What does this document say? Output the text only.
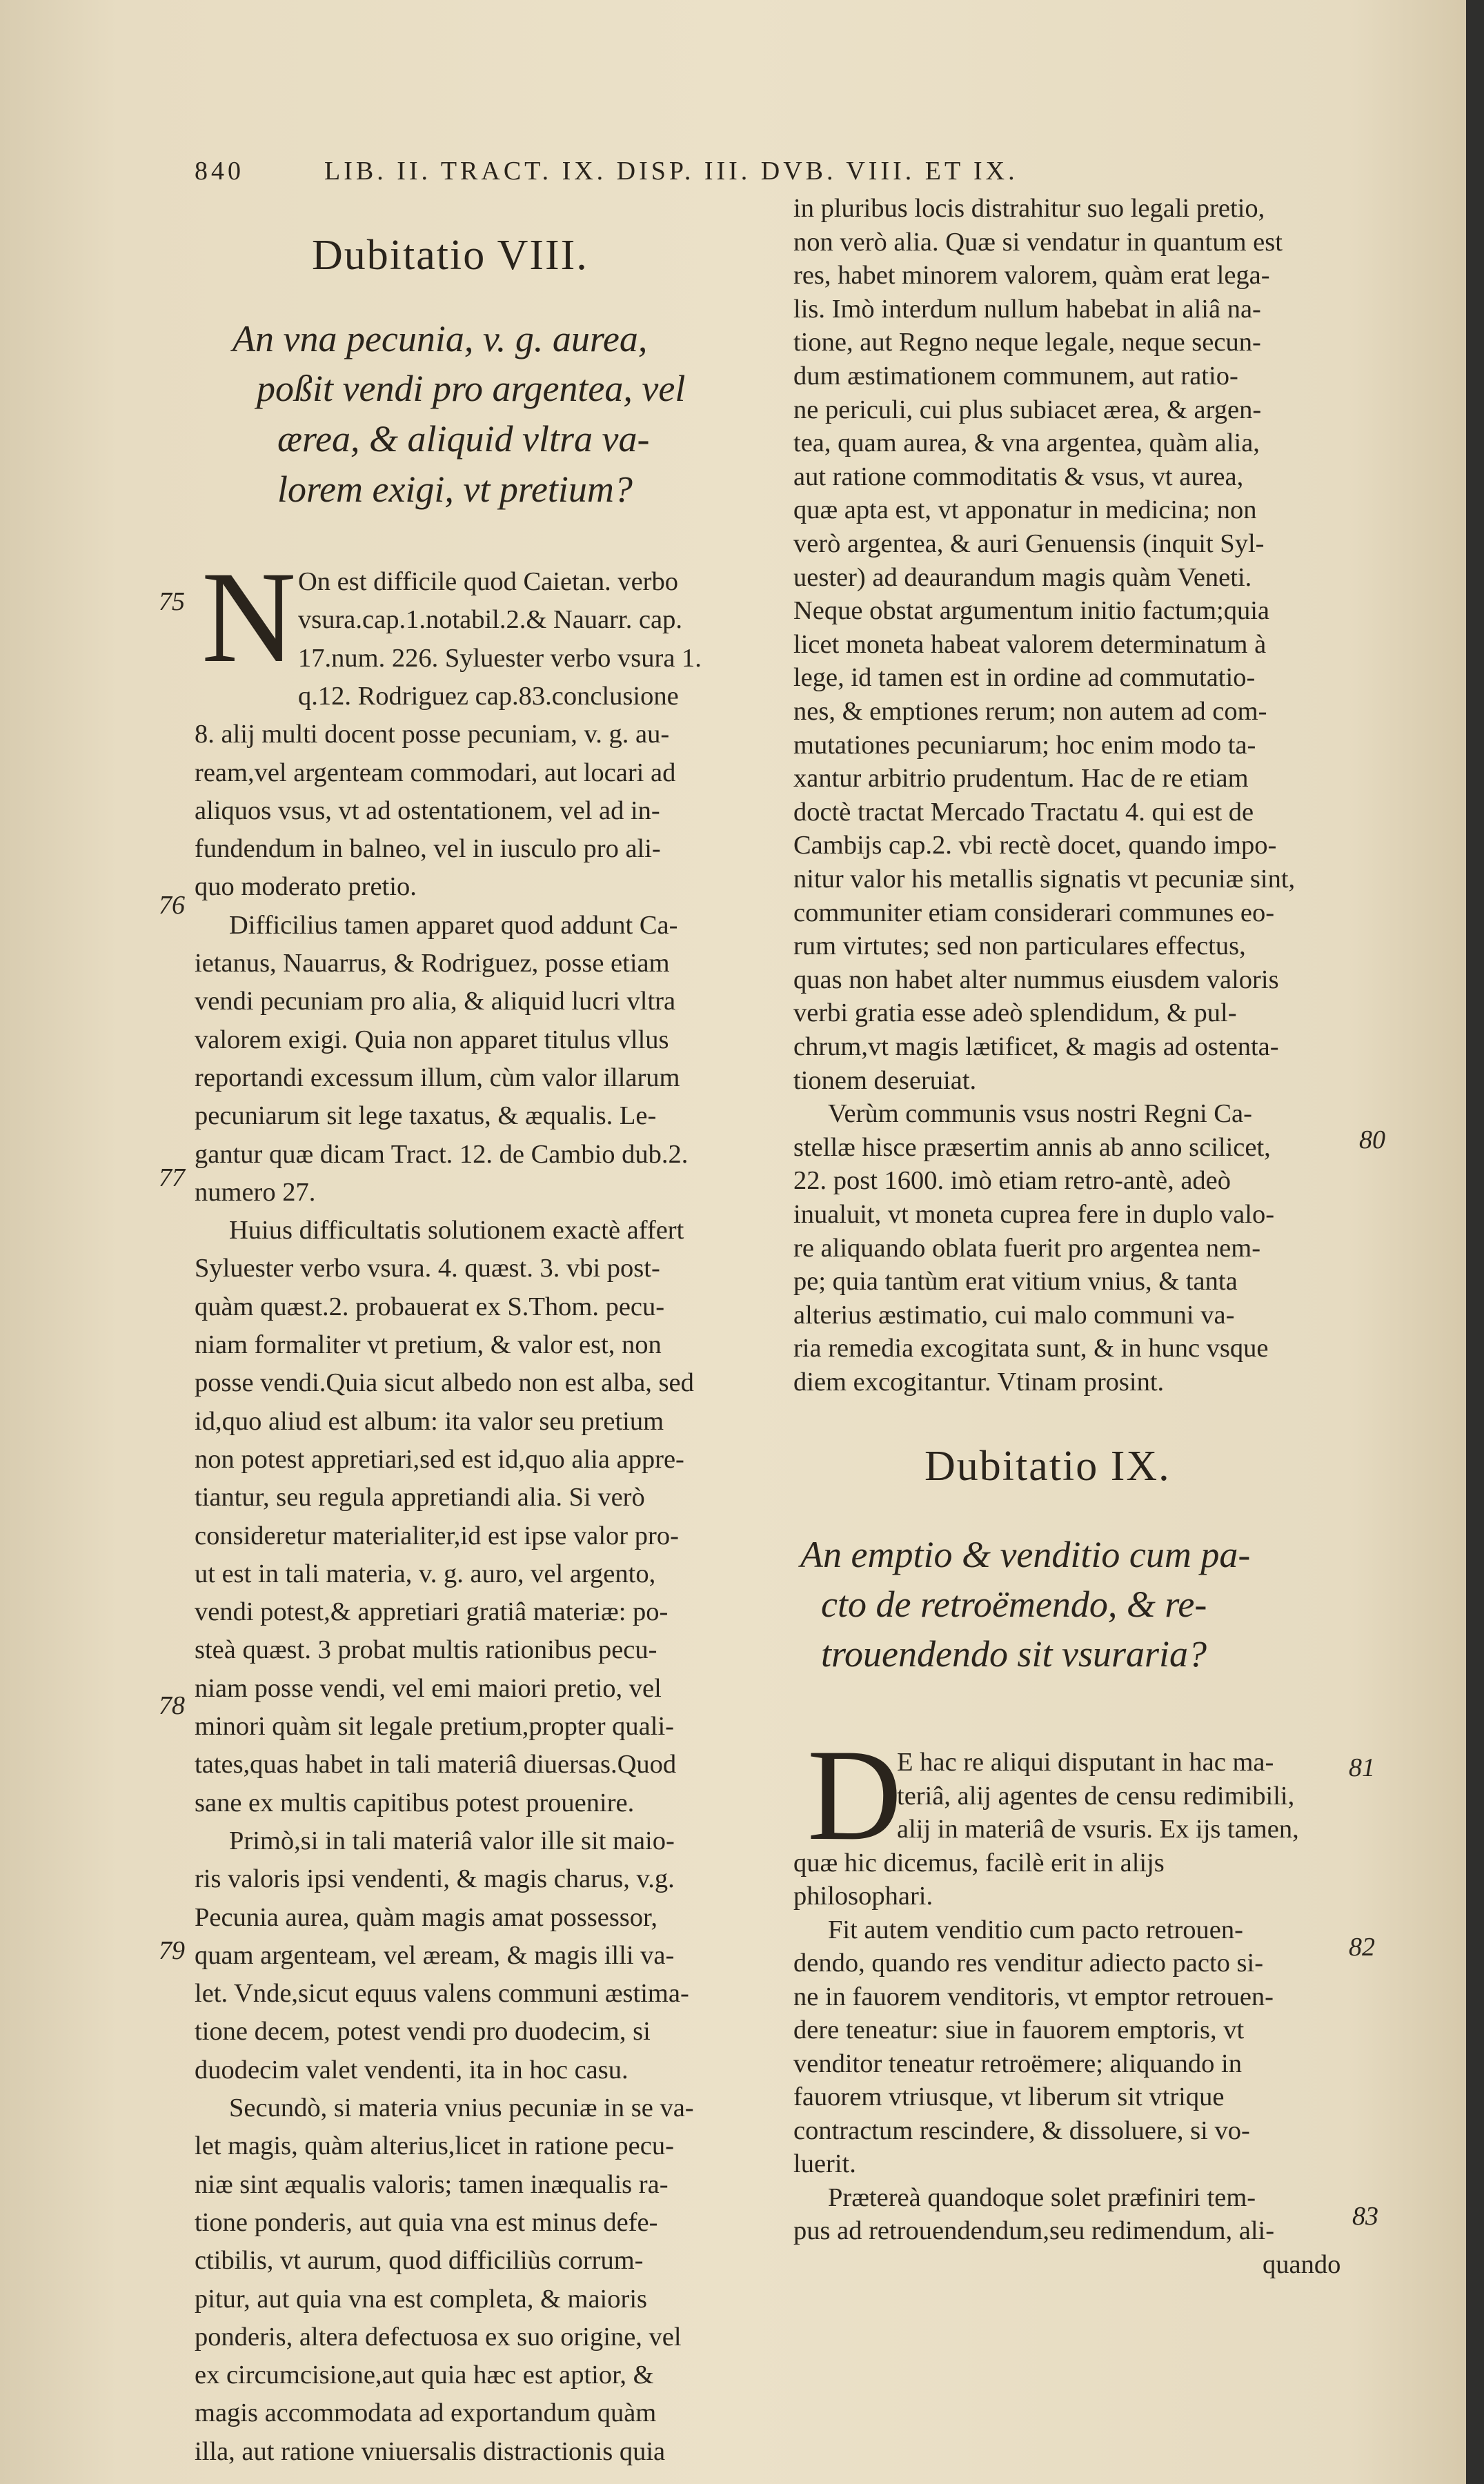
840	LIB. II. TRACT. IX. DISP. III. DVB. VIII. ET IX.
Dubitatio VIII.
An vna pecunia, v. g. aurea,
poßit vendi pro argentea, vel
ærea, & aliquid vltra va-
lorem exigi, vt pretium?
N On est difficile quod Caietan. verbo
vsura.cap.1.notabil.2.& Nauarr. cap.
17.num. 226. Syluester verbo vsura 1.
q.12. Rodriguez cap.83.conclusione
8. alij multi docent posse pecuniam, v. g. au-
ream,vel argenteam commodari, aut locari ad
aliquos vsus, vt ad ostentationem, vel ad in-
fundendum in balneo, vel in iusculo pro ali-
quo moderato pretio.
Difficilius tamen apparet quod addunt Ca-
ietanus, Nauarrus, & Rodriguez, posse etiam
vendi pecuniam pro alia, & aliquid lucri vltra
valorem exigi. Quia non apparet titulus vllus
reportandi excessum illum, cùm valor illarum
pecuniarum sit lege taxatus, & æqualis. Le-
gantur quæ dicam Tract. 12. de Cambio dub.2.
numero 27.
Huius difficultatis solutionem exactè affert
Syluester verbo vsura. 4. quæst. 3. vbi post-
quàm quæst.2. probauerat ex S.Thom. pecu-
niam formaliter vt pretium, & valor est, non
posse vendi.Quia sicut albedo non est alba, sed
id,quo aliud est album: ita valor seu pretium
non potest appretiari,sed est id,quo alia appre-
tiantur, seu regula appretiandi alia. Si verò
consideretur materialiter,id est ipse valor pro-
ut est in tali materia, v. g. auro, vel argento,
vendi potest,& appretiari gratiâ materiæ: po-
steà quæst. 3 probat multis rationibus pecu-
niam posse vendi, vel emi maiori pretio, vel
minori quàm sit legale pretium,propter quali-
tates,quas habet in tali materiâ diuersas.Quod
sane ex multis capitibus potest prouenire.
Primò,si in tali materiâ valor ille sit maio-
ris valoris ipsi vendenti, & magis charus, v.g.
Pecunia aurea, quàm magis amat possessor,
quam argenteam, vel æream, & magis illi va-
let. Vnde,sicut equus valens communi æstima-
tione decem, potest vendi pro duodecim, si
duodecim valet vendenti, ita in hoc casu.
Secundò, si materia vnius pecuniæ in se va-
let magis, quàm alterius,licet in ratione pecu-
niæ sint æqualis valoris; tamen inæqualis ra-
tione ponderis, aut quia vna est minus defe-
ctibilis, vt aurum, quod difficiliùs corrum-
pitur, aut quia vna est completa, & maioris
ponderis, altera defectuosa ex suo origine, vel
ex circumcisione,aut quia hæc est aptior, &
magis accommodata ad exportandum quàm
illa, aut ratione vniuersalis distractionis quia
75
76
77
78
79
in pluribus locis distrahitur suo legali pretio,
non verò alia. Quæ si vendatur in quantum est
res, habet minorem valorem, quàm erat lega-
lis. Imò interdum nullum habebat in aliâ na-
tione, aut Regno neque legale, neque secun-
dum æstimationem communem, aut ratio-
ne periculi, cui plus subiacet ærea, & argen-
tea, quam aurea, & vna argentea, quàm alia,
aut ratione commoditatis & vsus, vt aurea,
quæ apta est, vt apponatur in medicina; non
verò argentea, & auri Genuensis (inquit Syl-
uester) ad deaurandum magis quàm Veneti.
Neque obstat argumentum initio factum;quia
licet moneta habeat valorem determinatum à
lege, id tamen est in ordine ad commutatio-
nes, & emptiones rerum; non autem ad com-
mutationes pecuniarum; hoc enim modo ta-
xantur arbitrio prudentum. Hac de re etiam
doctè tractat Mercado Tractatu 4. qui est de
Cambijs cap.2. vbi rectè docet, quando impo-
nitur valor his metallis signatis vt pecuniæ sint,
communiter etiam considerari communes eo-
rum virtutes; sed non particulares effectus,
quas non habet alter nummus eiusdem valoris
verbi gratia esse adeò splendidum, & pul-
chrum,vt magis lætificet, & magis ad ostenta-
tionem deseruiat.
Verùm communis vsus nostri Regni Ca-
stellæ hisce præsertim annis ab anno scilicet,
22. post 1600. imò etiam retro-antè, adeò
inualuit, vt moneta cuprea fere in duplo valo-
re aliquando oblata fuerit pro argentea nem-
pe; quia tantùm erat vitium vnius, & tanta
alterius æstimatio, cui malo communi va-
ria remedia excogitata sunt, & in hunc vsque
diem excogitantur. Vtinam prosint.
Dubitatio IX.
An emptio & venditio cum pa-
cto de retroëmendo, & re-
trouendendo sit vsuraria?
D
E hac re aliqui disputant in hac ma-
teriâ, alij agentes de censu redimibili,
alij in materiâ de vsuris. Ex ijs tamen,
quæ hic dicemus, facilè erit in alijs
philosophari.
Fit autem venditio cum pacto retrouen-
dendo, quando res venditur adiecto pacto si-
ne in fauorem venditoris, vt emptor retrouen-
dere teneatur: siue in fauorem emptoris, vt
venditor teneatur retroëmere; aliquando in
fauorem vtriusque, vt liberum sit vtrique
contractum rescindere, & dissoluere, si vo-
luerit.
Prætereà quandoque solet præfiniri tem-
pus ad retrouendendum,seu redimendum, ali-
quando
80
81
82
83
